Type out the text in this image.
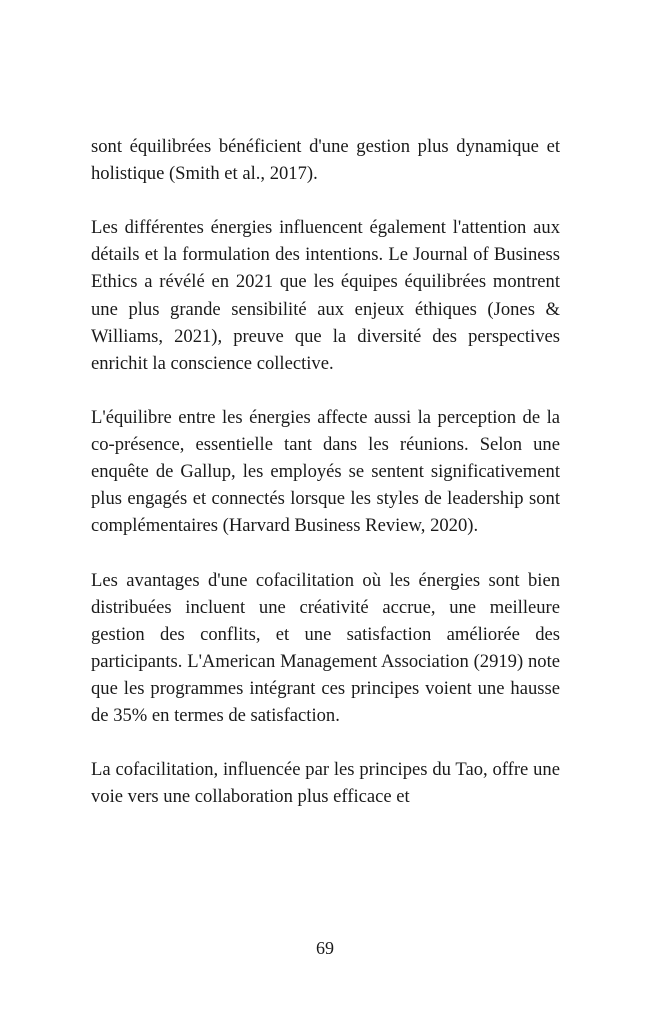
sont équilibrées bénéficient d'une gestion plus dynamique et holistique (Smith et al., 2017).

Les différentes énergies influencent également l'attention aux détails et la formulation des intentions. Le Journal of Business Ethics a révélé en 2021 que les équipes équilibrées montrent une plus grande sensibilité aux enjeux éthiques (Jones & Williams, 2021), preuve que la diversité des perspectives enrichit la conscience collective.

L'équilibre entre les énergies affecte aussi la perception de la co-présence, essentielle tant dans les réunions. Selon une enquête de Gallup, les employés se sentent significativement plus engagés et connectés lorsque les styles de leadership sont complémentaires (Harvard Business Review, 2020).

Les avantages d'une cofacilitation où les énergies sont bien distribuées incluent une créativité accrue, une meilleure gestion des conflits, et une satisfaction améliorée des participants. L'American Management Association (2919) note que les programmes intégrant ces principes voient une hausse de 35% en termes de satisfaction.

La cofacilitation, influencée par les principes du Tao, offre une voie vers une collaboration plus efficace et

69
